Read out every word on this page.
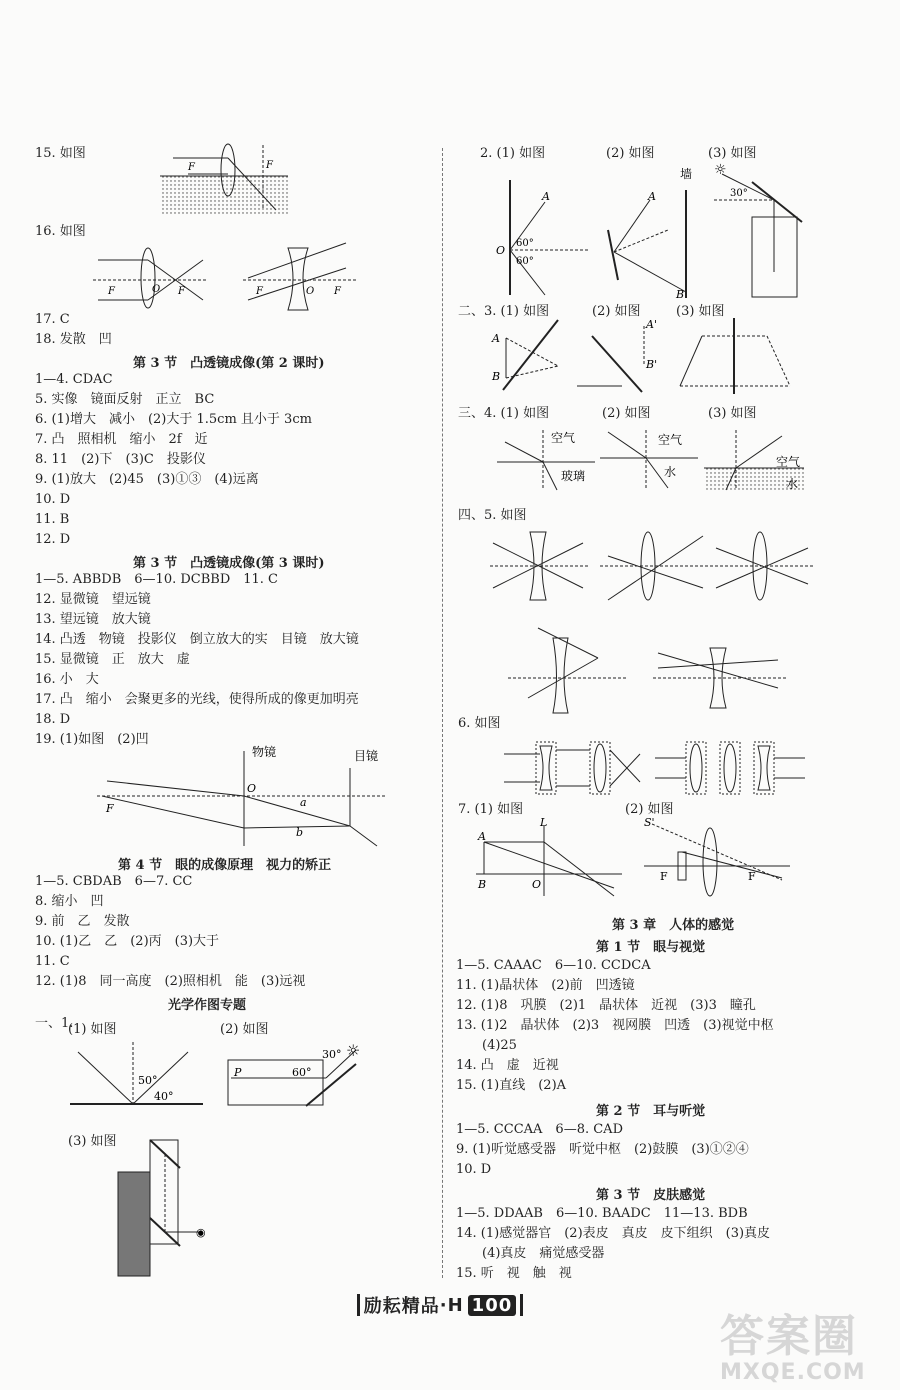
15. 如图
F	F
16. 如图
F	O F	F	O F
17. C
18. 发散　凹
第 3 节　凸透镜成像(第 2 课时)
1—4. CDAC
5. 实像　镜面反射　正立　BC
6. (1)增大　减小　(2)大于 1.5cm 且小于 3cm
7. 凸　照相机　缩小　2f　近
8. 11　(2)下　(3)C　投影仪
9. (1)放大　(2)45　(3)①③　(4)远离
10. D
11. B
12. D
第 3 节　凸透镜成像(第 3 课时)
1—5. ABBDB　6—10. DCBBD　11. C
12. 显微镜　望远镜
13. 望远镜　放大镜
14. 凸透　物镜　投影仪　倒立放大的实　目镜　放大镜
15. 显微镜　正　放大　虚
16. 小　大
17. 凸　缩小　会聚更多的光线，使得所成的像更加明亮
18. D
19. (1)如图　(2)凹
物镜	目镜
O
F	a
b
第 4 节　眼的成像原理　视力的矫正
1—5. CBDAB　6—7. CC
8. 缩小　凹
9. 前　乙　发散
10. (1)乙　乙　(2)丙　(3)大于
11. C
12. (1)8　同一高度　(2)照相机　能　(3)远视
光学作图专题
一、1.
(1) 如图	(2) 如图
50°
40°
P	60°
30° ☼
(3) 如图
◉
2. (1) 如图	(2) 如图	(3) 如图
O
A
60°
60°
A
B
墙 ☼
30°
二、3. (1) 如图	(2) 如图	(3) 如图
A
B
A'
B'
三、4. (1) 如图	(2) 如图	(3) 如图
空气
玻璃
空气
水
空气
水
四、5. 如图
6. 如图
7. (1) 如图	(2) 如图
A
B
L
O
S'
F	F
第 3 章　人体的感觉
第 1 节　眼与视觉
1—5. CAAAC　6—10. CCDCA
11. (1)晶状体　(2)前　凹透镜
12. (1)8　巩膜　(2)1　晶状体　近视　(3)3　瞳孔
13. (1)2　晶状体　(2)3　视网膜　凹透　(3)视觉中枢
　　(4)25
14. 凸　虚　近视
15. (1)直线　(2)A
第 2 节　耳与听觉
1—5. CCCAA　6—8. CAD
9. (1)听觉感受器　听觉中枢　(2)鼓膜　(3)①②④
10. D
第 3 节　皮肤感觉
1—5. DDAAB　6—10. BAADC　11—13. BDB
14. (1)感觉器官　(2)表皮　真皮　皮下组织　(3)真皮
　　(4)真皮　痛觉感受器
15. 听　视　触　视
励耘精品 · H 100
答案圈
MXQE.COM
